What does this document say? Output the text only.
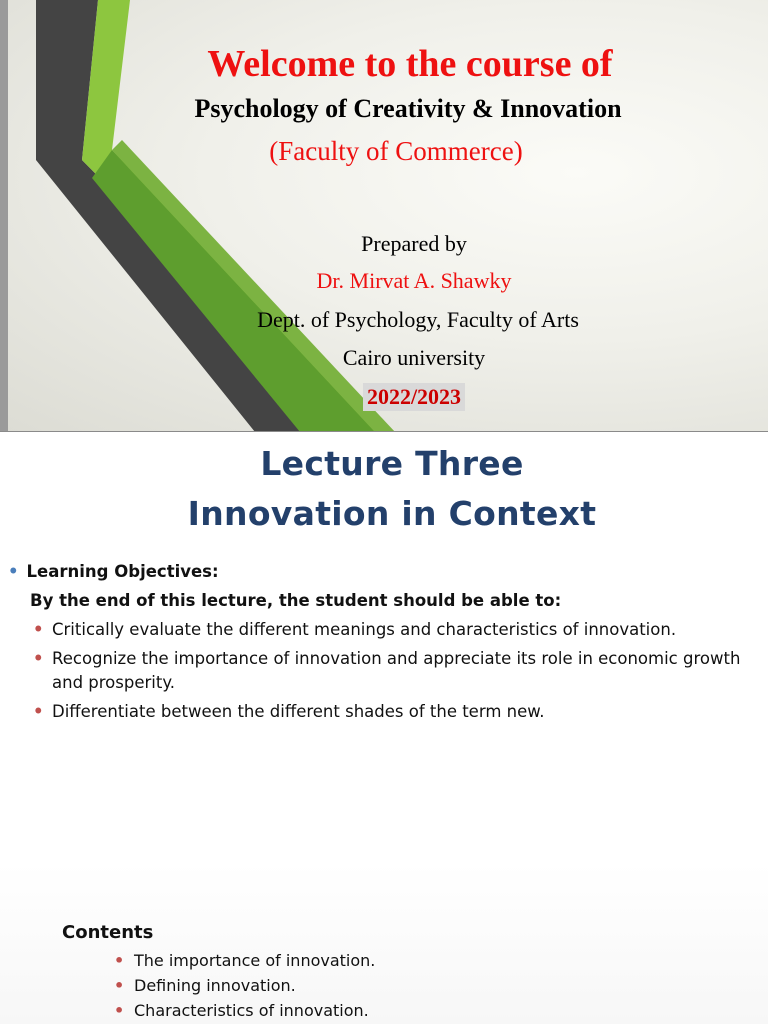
Welcome to the course of
Psychology of Creativity & Innovation
(Faculty of Commerce)
Prepared by
Dr. Mirvat A. Shawky
Dept. of Psychology, Faculty of Arts
Cairo university
2022/2023
Lecture Three
Innovation in Context
• Learning Objectives:
By the end of this lecture, the student should be able to:
• Critically evaluate the different meanings and characteristics of innovation.
• Recognize the importance of innovation and appreciate its role in economic growth and prosperity.
• Differentiate between the different shades of the term new.
Contents
• The importance of innovation.
• Defining innovation.
• Characteristics of innovation.
